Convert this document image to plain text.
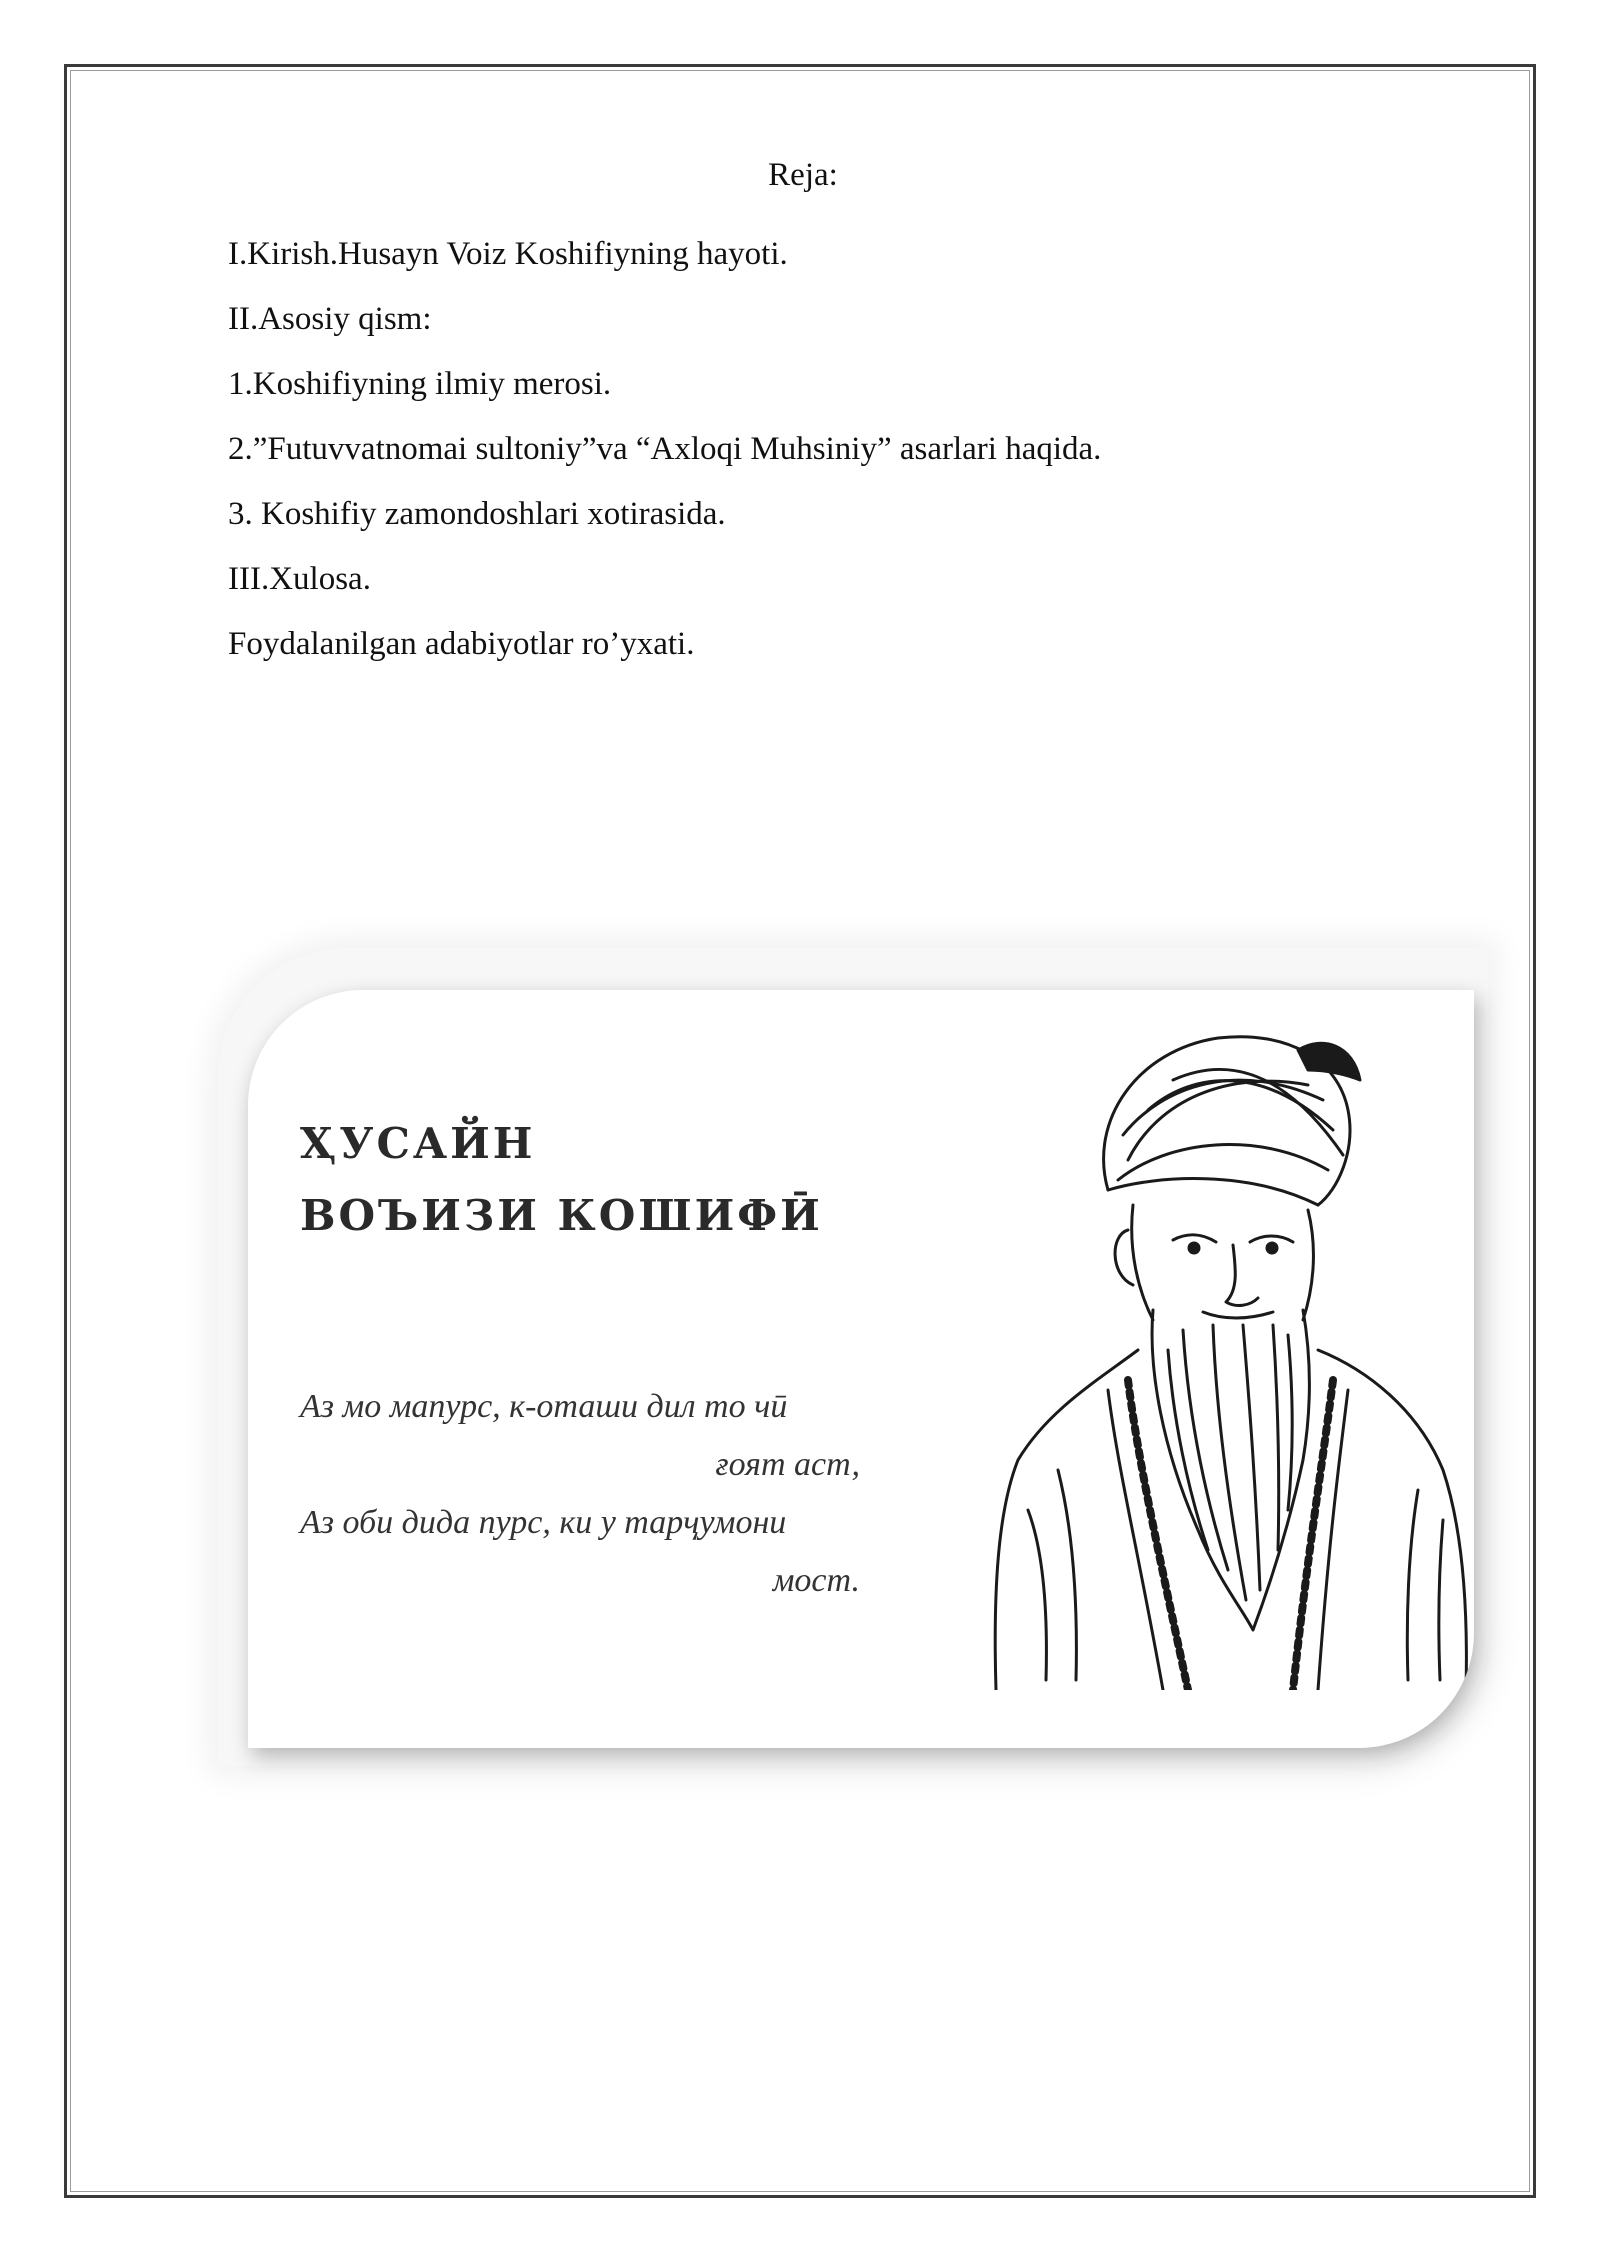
Reja:

I.Kirish.Husayn Voiz Koshifiyning hayoti.

II.Asosiy qism:

1.Koshifiyning ilmiy merosi.

2.”Futuvvatnomai sultoniy”va “Axloqi Muhsiniy” asarlari haqida.

3. Koshifiy zamondoshlari xotirasida.

III.Xulosa.

Foydalanilgan adabiyotlar ro’yxati.

ҲУСАЙН
ВОЪИЗИ КОШИФӢ
Аз мо мапурс, к-оташи дил то чӣ
ғоят аст,
Аз оби дида пурс, ки у тарҷумони
мост.
